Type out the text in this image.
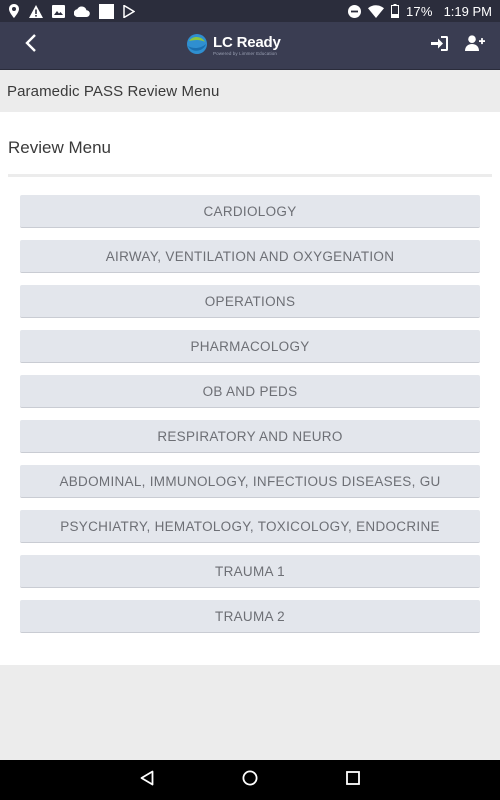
17% 1:19 PM
LC Ready
Powered by Limmer Education
Paramedic PASS Review Menu
Review Menu
CARDIOLOGY
AIRWAY, VENTILATION AND OXYGENATION
OPERATIONS
PHARMACOLOGY
OB AND PEDS
RESPIRATORY AND NEURO
ABDOMINAL, IMMUNOLOGY, INFECTIOUS DISEASES, GU
PSYCHIATRY, HEMATOLOGY, TOXICOLOGY, ENDOCRINE
TRAUMA 1
TRAUMA 2
